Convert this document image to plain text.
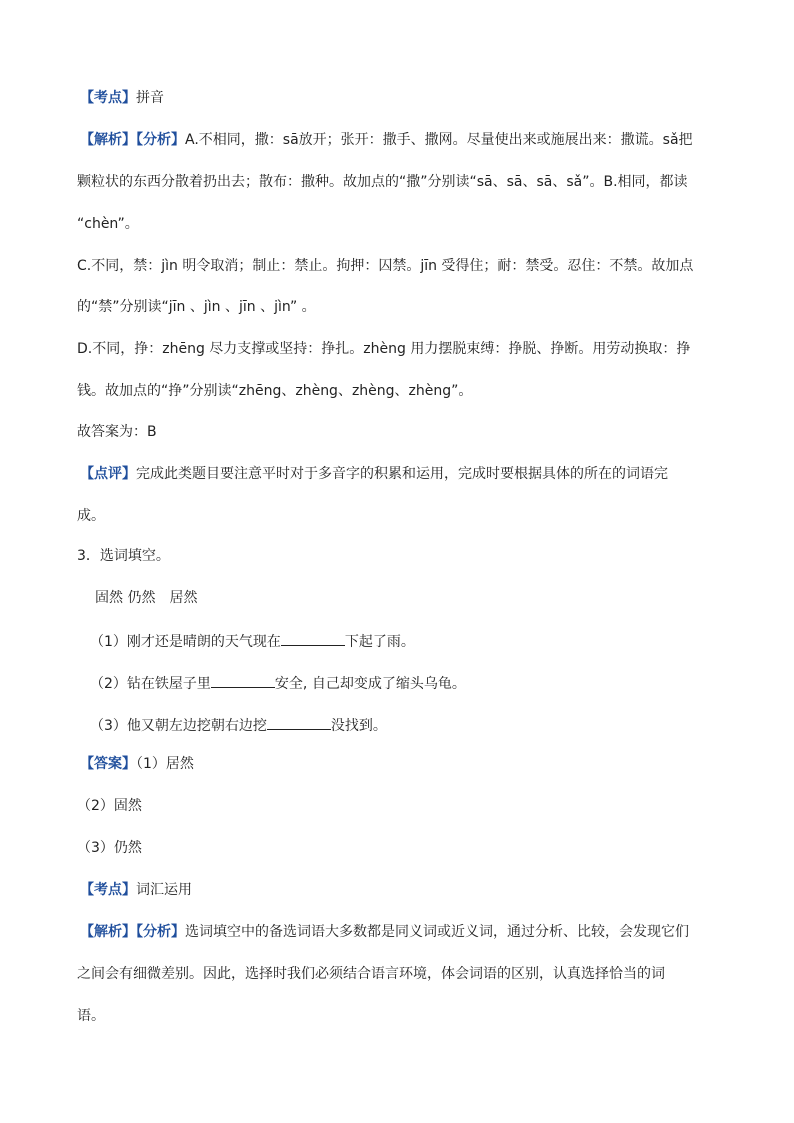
【考点】拼音
【解析】【分析】A.不相同，撒：sā放开；张开：撒手、撒网。尽量使出来或施展出来：撒谎。sǎ把
颗粒状的东西分散着扔出去；散布：撒种。故加点的“撒”分别读“sā、sā、sā、sǎ”。B.相同，都读
“chèn”。
C.不同，禁：jìn 明令取消；制止：禁止。拘押：囚禁。jīn 受得住；耐：禁受。忍住：不禁。故加点
的“禁”分别读“jīn 、jìn 、jīn 、jìn” 。
D.不同，挣：zhēng 尽力支撑或坚持：挣扎。zhèng 用力摆脱束缚：挣脱、挣断。用劳动换取：挣
钱。故加点的“挣”分别读“zhēng、zhèng、zhèng、zhèng”。
故答案为：B
【点评】完成此类题目要注意平时对于多音字的积累和运用，完成时要根据具体的所在的词语完
成。
3．选词填空。
固然 仍然　居然
（1）刚才还是晴朗的天气现在	下起了雨。
（2）钻在铁屋子里	安全, 自己却变成了缩头乌龟。
（3）他又朝左边挖朝右边挖	没找到。
【答案】（1）居然
（2）固然
（3）仍然
【考点】词汇运用
【解析】【分析】选词填空中的备选词语大多数都是同义词或近义词，通过分析、比较，会发现它们
之间会有细微差别。因此，选择时我们必须结合语言环境，体会词语的区别，认真选择恰当的词
语。
